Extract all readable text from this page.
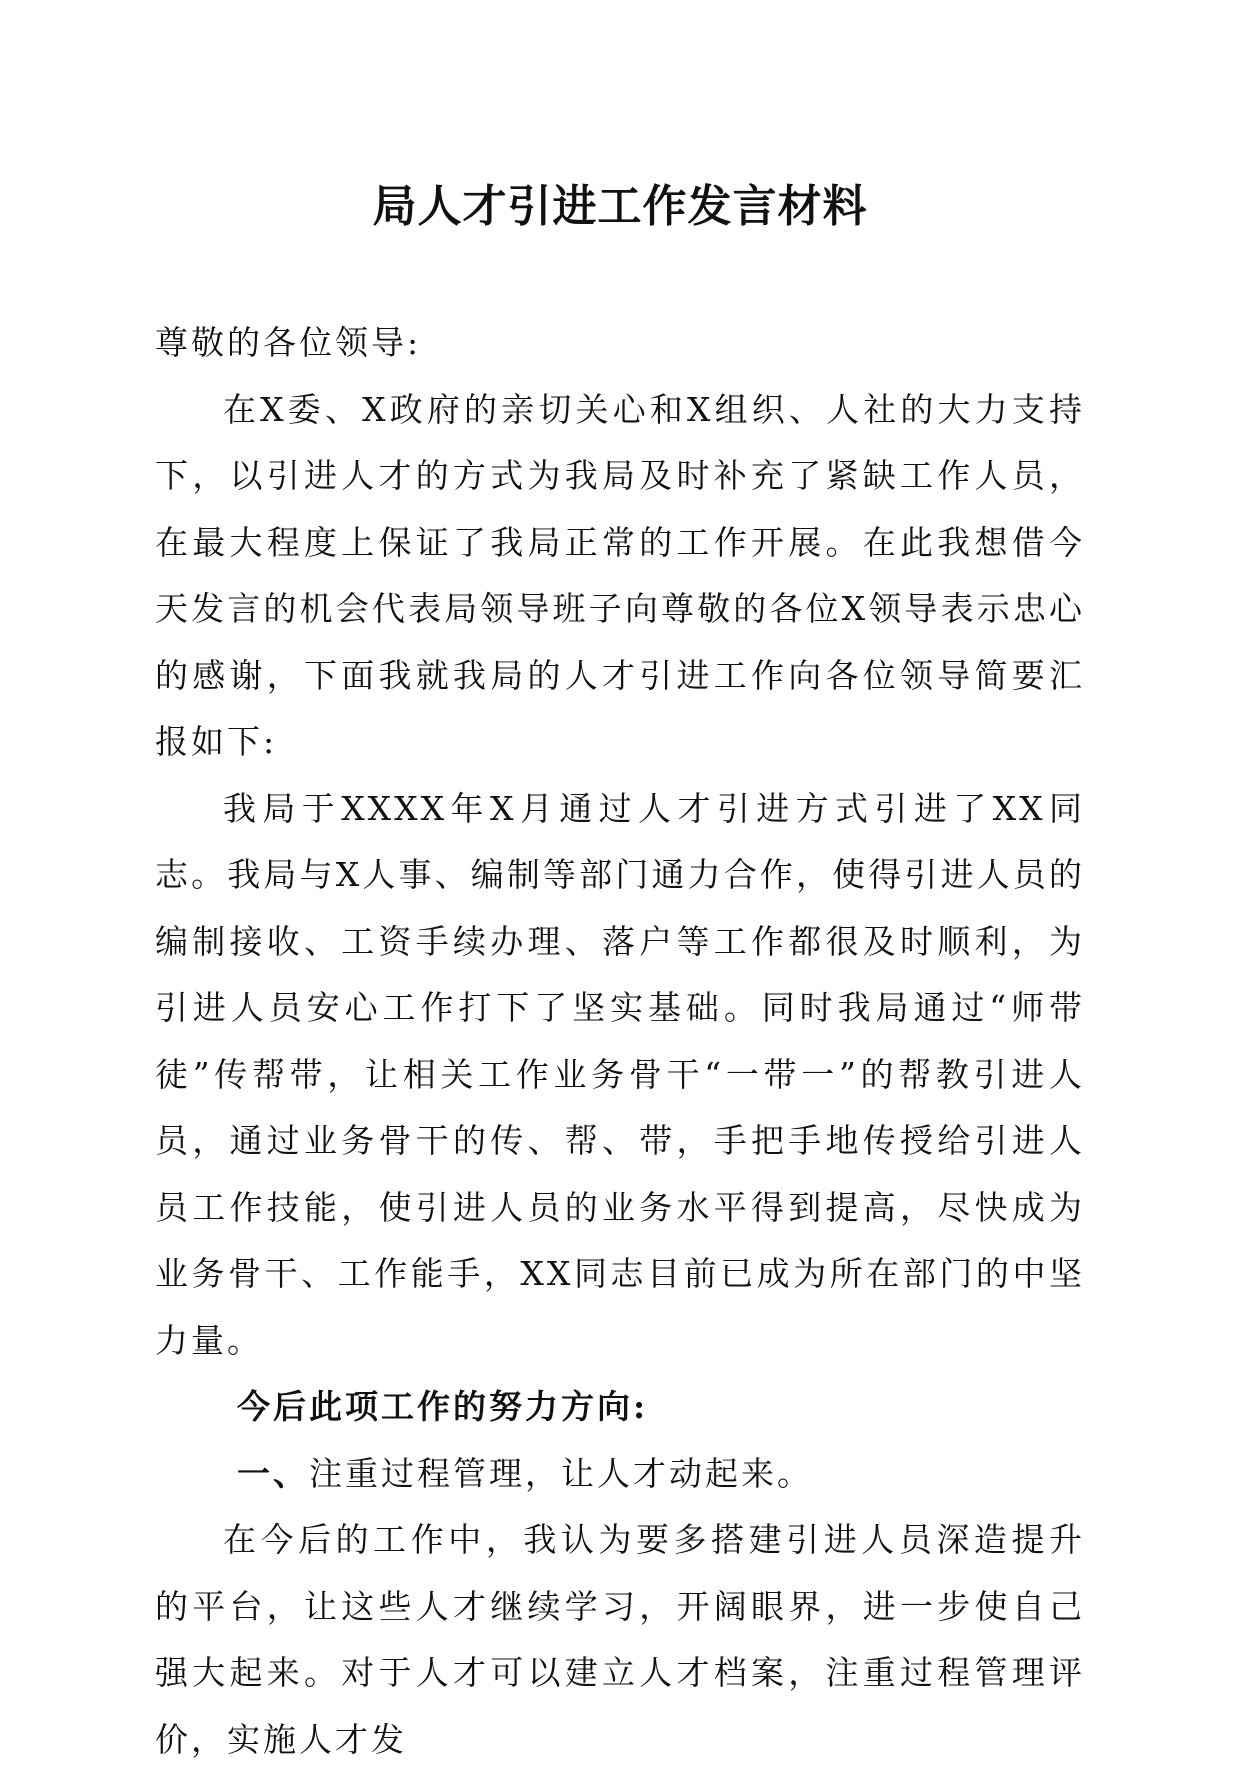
局人才引进工作发言材料

尊敬的各位领导:

在X委、X政府的亲切关心和X组织、人社的大力支持下，以引进人才的方式为我局及时补充了紧缺工作人员，在最大程度上保证了我局正常的工作开展。在此我想借今天发言的机会代表局领导班子向尊敬的各位X领导表示忠心的感谢，下面我就我局的人才引进工作向各位领导简要汇报如下:

我局于XXXX年X月通过人才引进方式引进了XX同志。我局与X人事、编制等部门通力合作，使得引进人员的编制接收、工资手续办理、落户等工作都很及时顺利，为引进人员安心工作打下了坚实基础。同时我局通过“师带徒”传帮带，让相关工作业务骨干“一带一”的帮教引进人员，通过业务骨干的传、帮、带，手把手地传授给引进人员工作技能，使引进人员的业务水平得到提高，尽快成为业务骨干、工作能手，XX同志目前已成为所在部门的中坚力量。

今后此项工作的努力方向:

一、注重过程管理，让人才动起来。

在今后的工作中，我认为要多搭建引进人员深造提升的平台，让这些人才继续学习，开阔眼界，进一步使自己强大起来。对于人才可以建立人才档案，注重过程管理评价，实施人才发
